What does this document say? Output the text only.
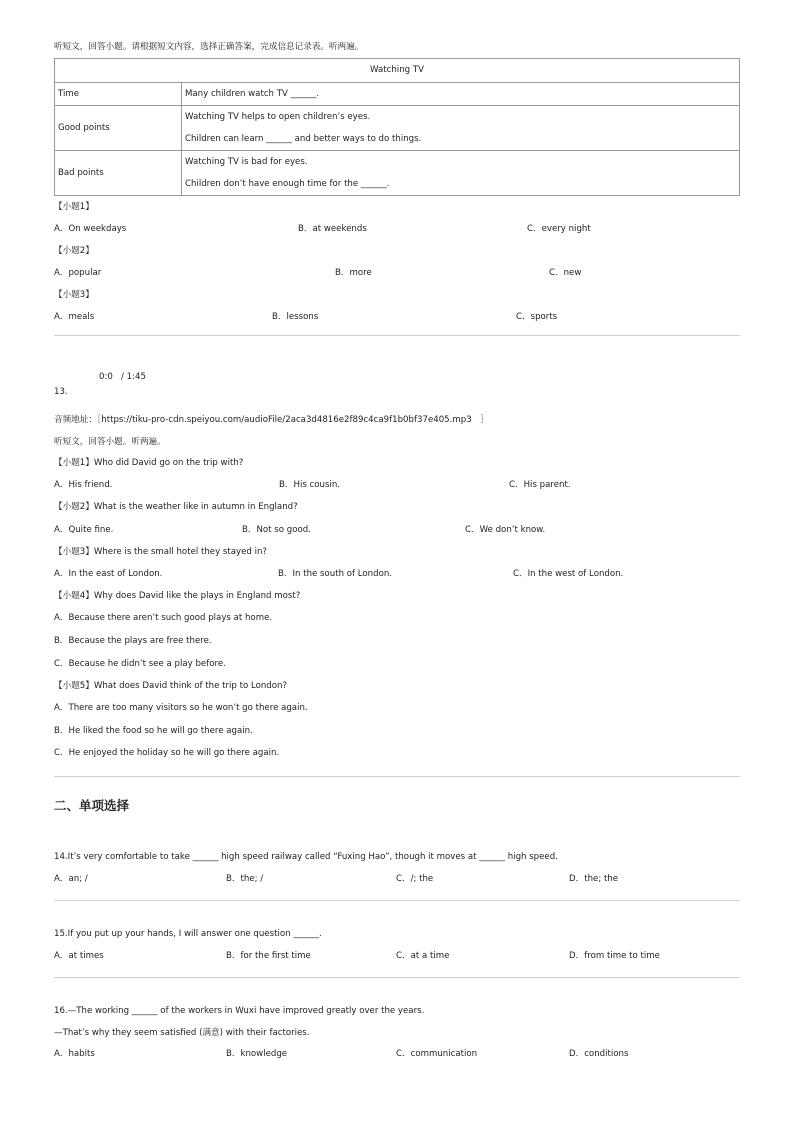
听短文，回答小题。请根据短文内容，选择正确答案，完成信息记录表。听两遍。
Watching TV	
Time	Many children watch TV ______.

Good points	Watching TV helps to open children’s eyes.
Children can learn ______ and better ways to do things.

Bad points	Watching TV is bad for eyes.
Children don’t have enough time for the ______.
【小题1】
A．On weekdays	B．at weekends	C．every night
【小题2】
A．popular	B．more	C．new
【小题3】
A．meals	B．lessons	C．sports
0:0 / 1:45
13.
音频地址：［https://tiku-pro-cdn.speiyou.com/audioFile/2aca3d4816e2f89c4ca9f1b0bf37e405.mp3　］
听短文，回答小题。听两遍。
【小题1】Who did David go on the trip with?
A．His friend.	B．His cousin.	C．His parent.
【小题2】What is the weather like in autumn in England?
A．Quite fine.	B．Not so good.	C．We don’t know.
【小题3】Where is the small hotel they stayed in?
A．In the east of London.	B．In the south of London.	C．In the west of London.
【小题4】Why does David like the plays in England most?
A．Because there aren’t such good plays at home.
B．Because the plays are free there.
C．Because he didn’t see a play before.
【小题5】What does David think of the trip to London?
A．There are too many visitors so he won’t go there again.
B．He liked the food so he will go there again.
C．He enjoyed the holiday so he will go there again.
二、单项选择
14.It’s very comfortable to take ______ high speed railway called “Fuxing Hao”, though it moves at ______ high speed.
A．an; /	B．the; /	C．/; the	D．the; the
15.If you put up your hands, I will answer one question ______.
A．at times	B．for the first time	C．at a time	D．from time to time
16.—The working ______ of the workers in Wuxi have improved greatly over the years.
—That’s why they seem satisfied (满意) with their factories.
A．habits	B．knowledge	C．communication	D．conditions
